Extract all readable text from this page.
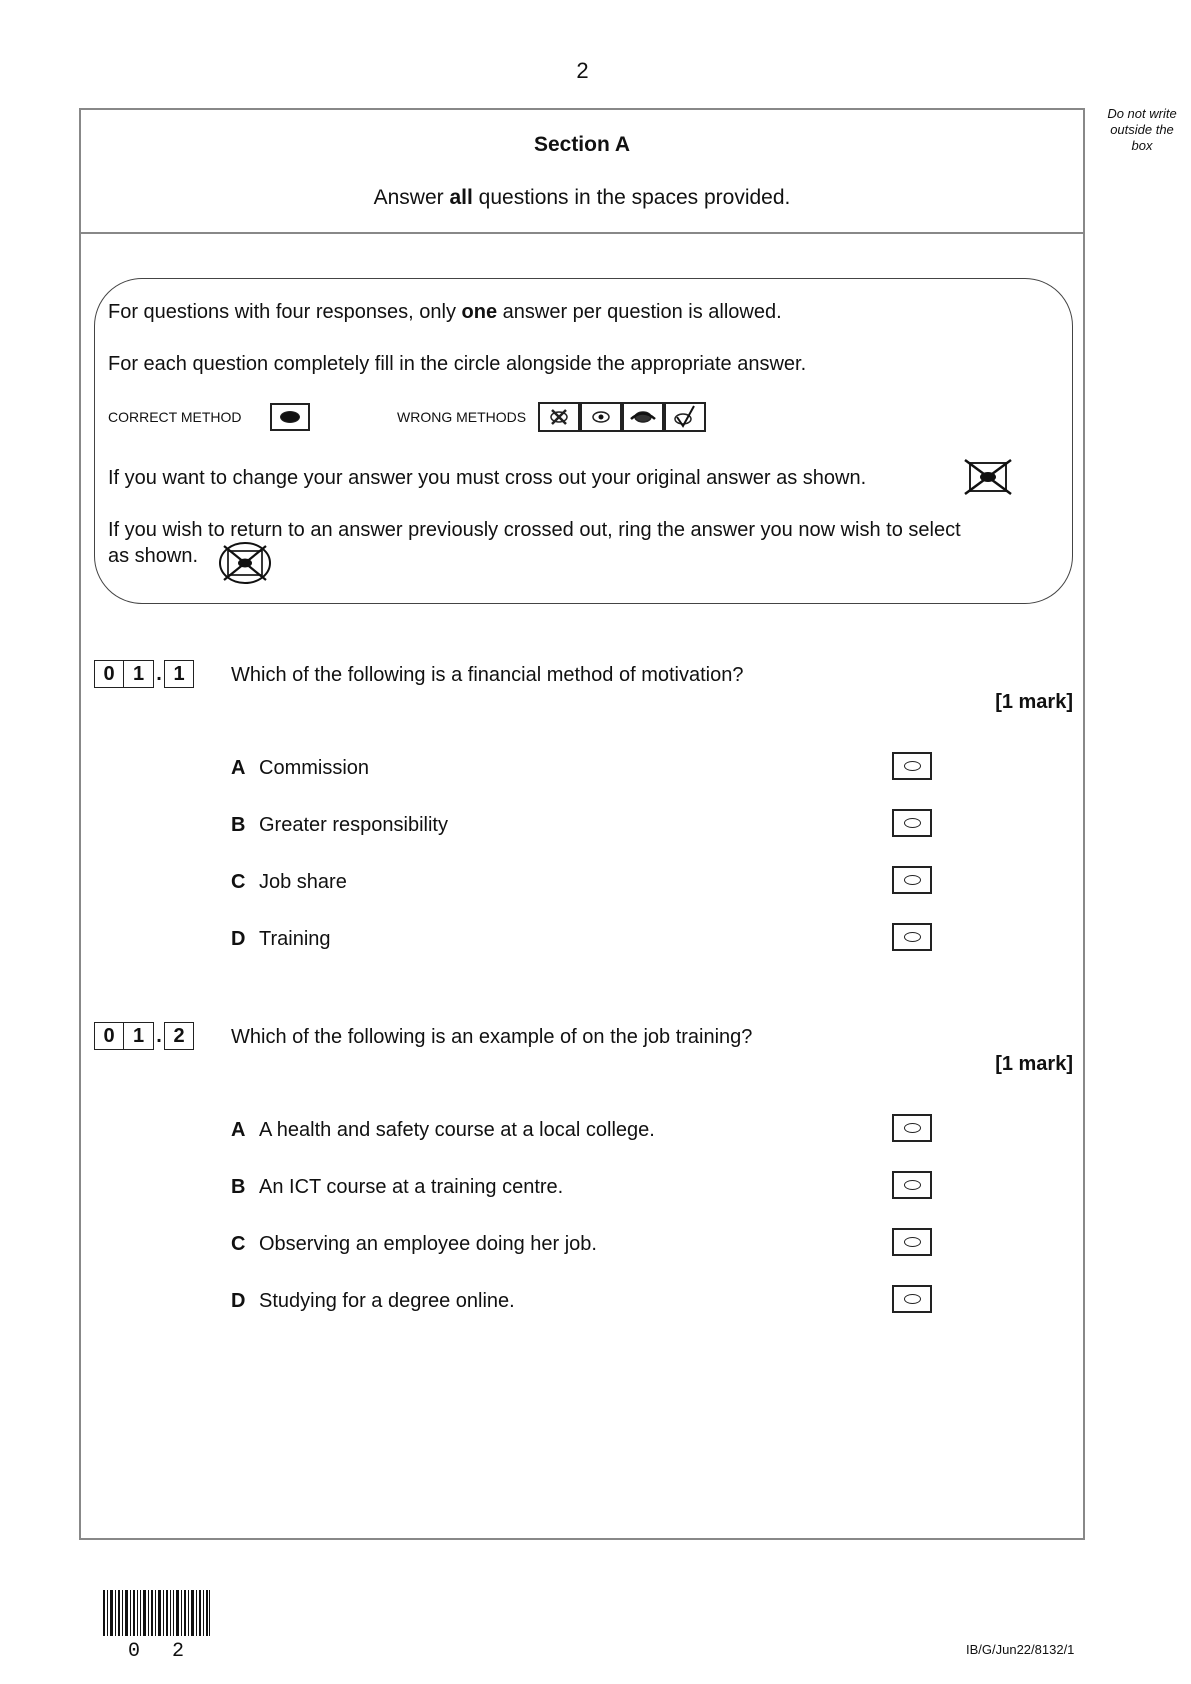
2
Do not write
outside the
box
Section A
Answer all questions in the spaces provided.
For questions with four responses, only one answer per question is allowed.
For each question completely fill in the circle alongside the appropriate answer.
CORRECT METHOD	WRONG METHODS
If you want to change your answer you must cross out your original answer as shown.
If you wish to return to an answer previously crossed out, ring the answer you now wish to select
as shown.
0 1 . 1	Which of the following is a financial method of motivation?
[1 mark]
A Commission
B Greater responsibility
C Job share
D Training
0 1 . 2	Which of the following is an example of on the job training?
[1 mark]
A A health and safety course at a local college.
B An ICT course at a training centre.
C Observing an employee doing her job.
D Studying for a degree online.
0 2	IB/G/Jun22/8132/1
